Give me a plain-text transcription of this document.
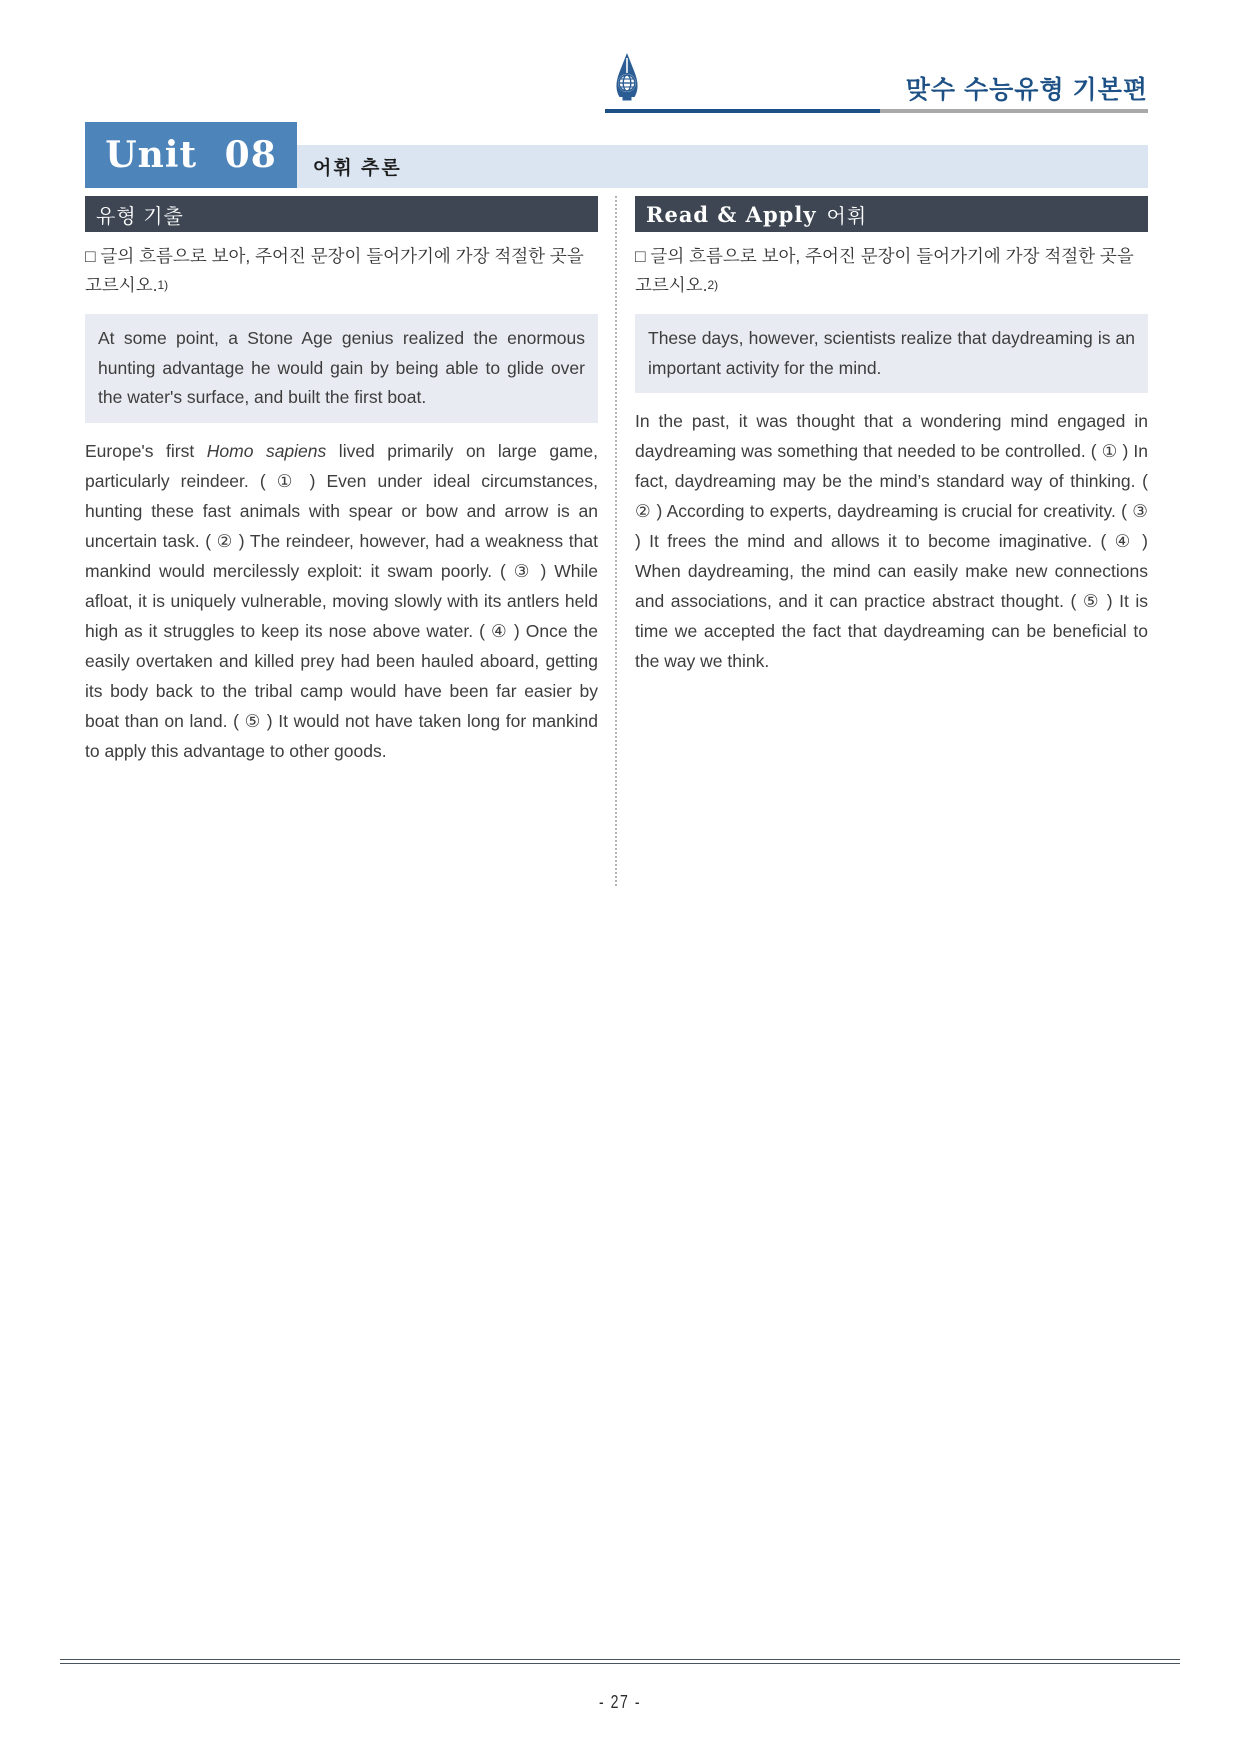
맞수 수능유형 기본편
Unit 08	어휘 추론
유형 기출

□ 글의 흐름으로 보아, 주어진 문장이 들어가기에 가장 적절한 곳을 고르시오.1)

At some point, a Stone Age genius realized the enormous hunting advantage he would gain by being able to glide over the water's surface, and built the first boat.

Europe's first Homo sapiens lived primarily on large game, particularly reindeer. ( ① ) Even under ideal circumstances, hunting these fast animals with spear or bow and arrow is an uncertain task. ( ② ) The reindeer, however, had a weakness that mankind would mercilessly exploit: it swam poorly. ( ③ ) While afloat, it is uniquely vulnerable, moving slowly with its antlers held high as it struggles to keep its nose above water. ( ④ ) Once the easily overtaken and killed prey had been hauled aboard, getting its body back to the tribal camp would have been far easier by boat than on land. ( ⑤ ) It would not have taken long for mankind to apply this advantage to other goods.

Read & Apply 어휘

□ 글의 흐름으로 보아, 주어진 문장이 들어가기에 가장 적절한 곳을 고르시오.2)

These days, however, scientists realize that daydreaming is an important activity for the mind.

In the past, it was thought that a wondering mind engaged in daydreaming was something that needed to be controlled. ( ① ) In fact, daydreaming may be the mind’s standard way of thinking. ( ② ) According to experts, daydreaming is crucial for creativity. ( ③ ) It frees the mind and allows it to become imaginative. ( ④ ) When daydreaming, the mind can easily make new connections and associations, and it can practice abstract thought. ( ⑤ ) It is time we accepted the fact that daydreaming can be beneficial to the way we think.

- 27 -
